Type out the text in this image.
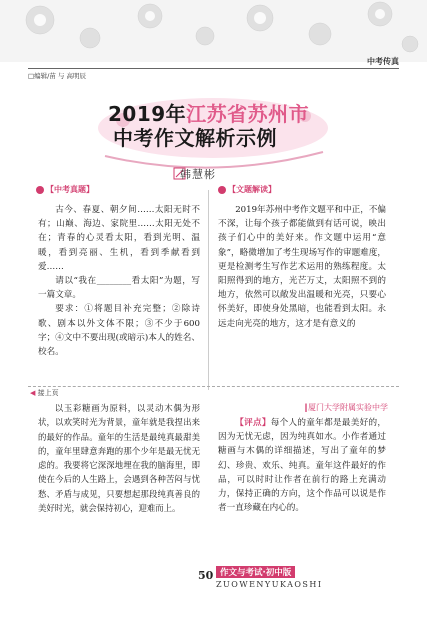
中考传真
□编辑/苗 与 高明辰
2019年江苏省苏州市
中考作文解析示例
韩慧彬
【中考真题】

古今、春夏、朝夕间……太阳无时不有；山巅、海边、家院里……太阳无处不在；青春的心灵看太阳，看到光明、温暖，看到亮丽、生机，看到季献看到爱……

请以“我在________看太阳”为题，写一篇文章。

要求：①将题目补充完整；②除诗歌、剧本以外文体不限；③不少于600字；④文中不要出现(或暗示)本人的姓名、校名。

【文题解读】

2019年苏州中考作文题平和中正，不偏不深，让每个孩子都能做到有话可说，映出孩子们心中的美好来。作文题中运用“意象”，略微增加了考生现场写作的审题难度，更是检测考生写作艺术运用的熟练程度。太阳照得到的地方，光芒万丈，太阳照不到的地方，依然可以敞发出温暖和光亮，只要心怀美好，即使身处黑暗，也能看到太阳。永远走向光亮的地方，这才是有意义的

◀ 接上页

以玉彩糖画为原料，以灵动木偶为形状，以欢笑时光为背景，童年就是我捏出来的最好的作品。童年的生活是最纯真最甜美的，童年里肆意奔跑的那个少年是最无忧无虑的。我要将它深深地埋在我的脑海里，即使在今后的人生路上，会遇到各种苦闷与忧愁、矛盾与成见，只要想起那段纯真善良的美好时光，就会保持初心，迎难而上。

‖厦门大学附属实验中学

【评点】每个人的童年都是最美好的，因为无忧无虑，因为纯真如水。小作者通过糖画与木偶的详细描述，写出了童年的梦幻、珍贵、欢乐、纯真。童年这件最好的作品，可以时时让作者在前行的路上充满动力，保持正确的方向，这个作品可以说是作者一直珍藏在内心的。

50 作文与考试·初中版
ZUOWENYUKAOSHI
